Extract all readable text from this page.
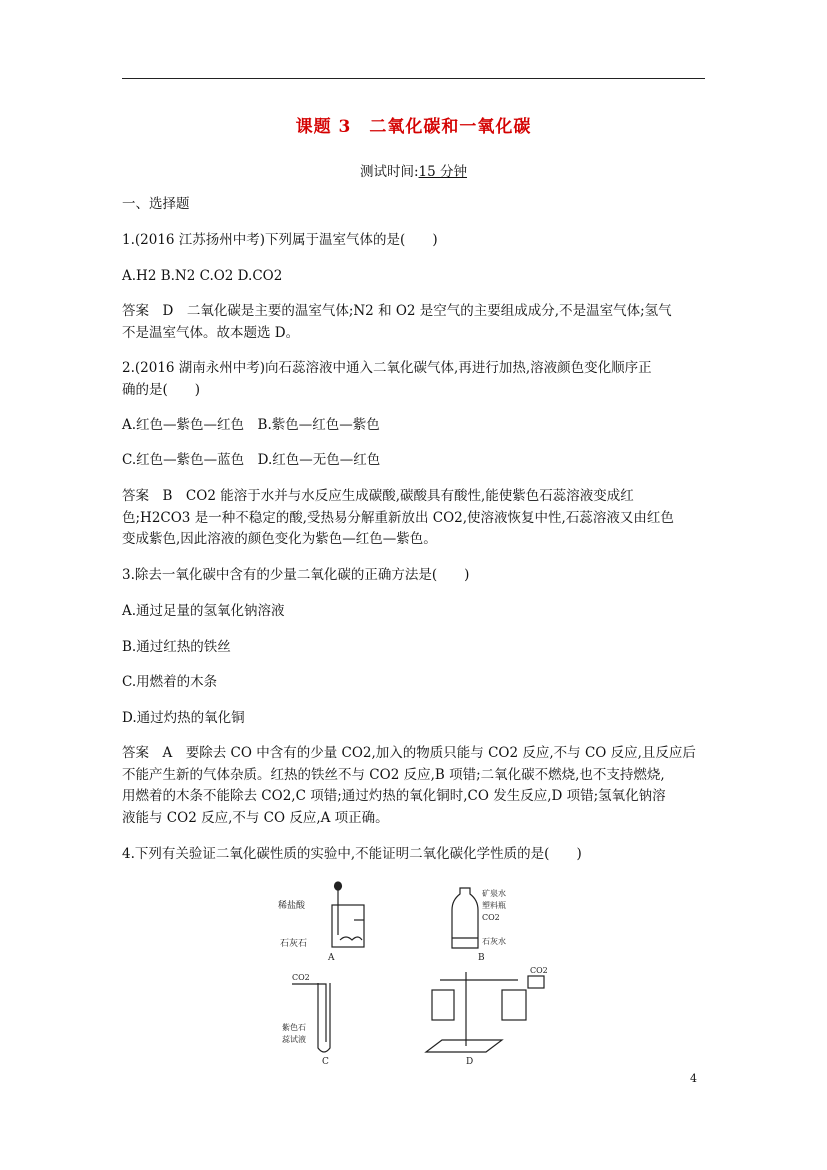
课题 3　二氧化碳和一氧化碳
测试时间:15 分钟
一、选择题
1.(2016 江苏扬州中考)下列属于温室气体的是(　　)
A.H2 B.N2 C.O2 D.CO2
答案　D　二氧化碳是主要的温室气体;N2 和 O2 是空气的主要组成成分,不是温室气体;氢气
不是温室气体。故本题选 D。
2.(2016 湖南永州中考)向石蕊溶液中通入二氧化碳气体,再进行加热,溶液颜色变化顺序正
确的是(　　)
A.红色—紫色—红色　B.紫色—红色—紫色
C.红色—紫色—蓝色　D.红色—无色—红色
答案　B　CO2 能溶于水并与水反应生成碳酸,碳酸具有酸性,能使紫色石蕊溶液变成红
色;H2CO3 是一种不稳定的酸,受热易分解重新放出 CO2,使溶液恢复中性,石蕊溶液又由红色
变成紫色,因此溶液的颜色变化为紫色—红色—紫色。
3.除去一氧化碳中含有的少量二氧化碳的正确方法是(　　)
A.通过足量的氢氧化钠溶液
B.通过红热的铁丝
C.用燃着的木条
D.通过灼热的氧化铜
答案　A　要除去 CO 中含有的少量 CO2,加入的物质只能与 CO2 反应,不与 CO 反应,且反应后
不能产生新的气体杂质。红热的铁丝不与 CO2 反应,B 项错;二氧化碳不燃烧,也不支持燃烧,
用燃着的木条不能除去 CO2,C 项错;通过灼热的氧化铜时,CO 发生反应,D 项错;氢氧化钠溶
液能与 CO2 反应,不与 CO 反应,A 项正确。
4.下列有关验证二氧化碳性质的实验中,不能证明二氧化碳化学性质的是(　　)
稀盐酸
石灰石
A
矿泉水
塑料瓶
CO2
石灰水
B
CO2
紫色石
蕊试液
C
CO2
D
4
